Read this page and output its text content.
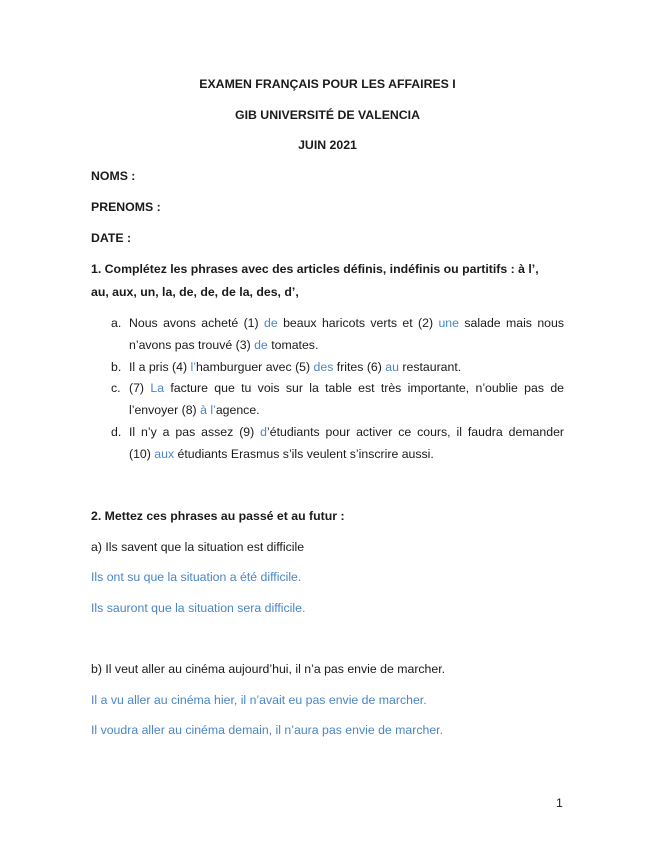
EXAMEN FRANÇAIS POUR LES AFFAIRES I
GIB UNIVERSITÉ DE VALENCIA
JUIN 2021
NOMS :
PRENOMS :
DATE :
1. Complétez les phrases avec des articles définis, indéfinis ou partitifs : à l’,
au, aux, un, la, de, de, de la, des, d’,
a. Nous avons acheté (1) de beaux haricots verts et (2) une salade mais nous
n’avons pas trouvé (3) de tomates.
b. Il a pris (4) l’hamburguer avec (5) des frites (6) au restaurant.
c. (7) La facture que tu vois sur la table est très importante, n’oublie pas de
l’envoyer (8) à l’agence.
d. Il n’y a pas assez (9) d’étudiants pour activer ce cours, il faudra demander
(10) aux étudiants Erasmus s’ils veulent s’inscrire aussi.
2. Mettez ces phrases au passé et au futur :
a) Ils savent que la situation est difficile
Ils ont su que la situation a été difficile.
Ils sauront que la situation sera difficile.
b) Il veut aller au cinéma aujourd’hui, il n’a pas envie de marcher.
Il a vu aller au cinéma hier, il n’avait eu pas envie de marcher.
Il voudra aller au cinéma demain, il n’aura pas envie de marcher.
1
